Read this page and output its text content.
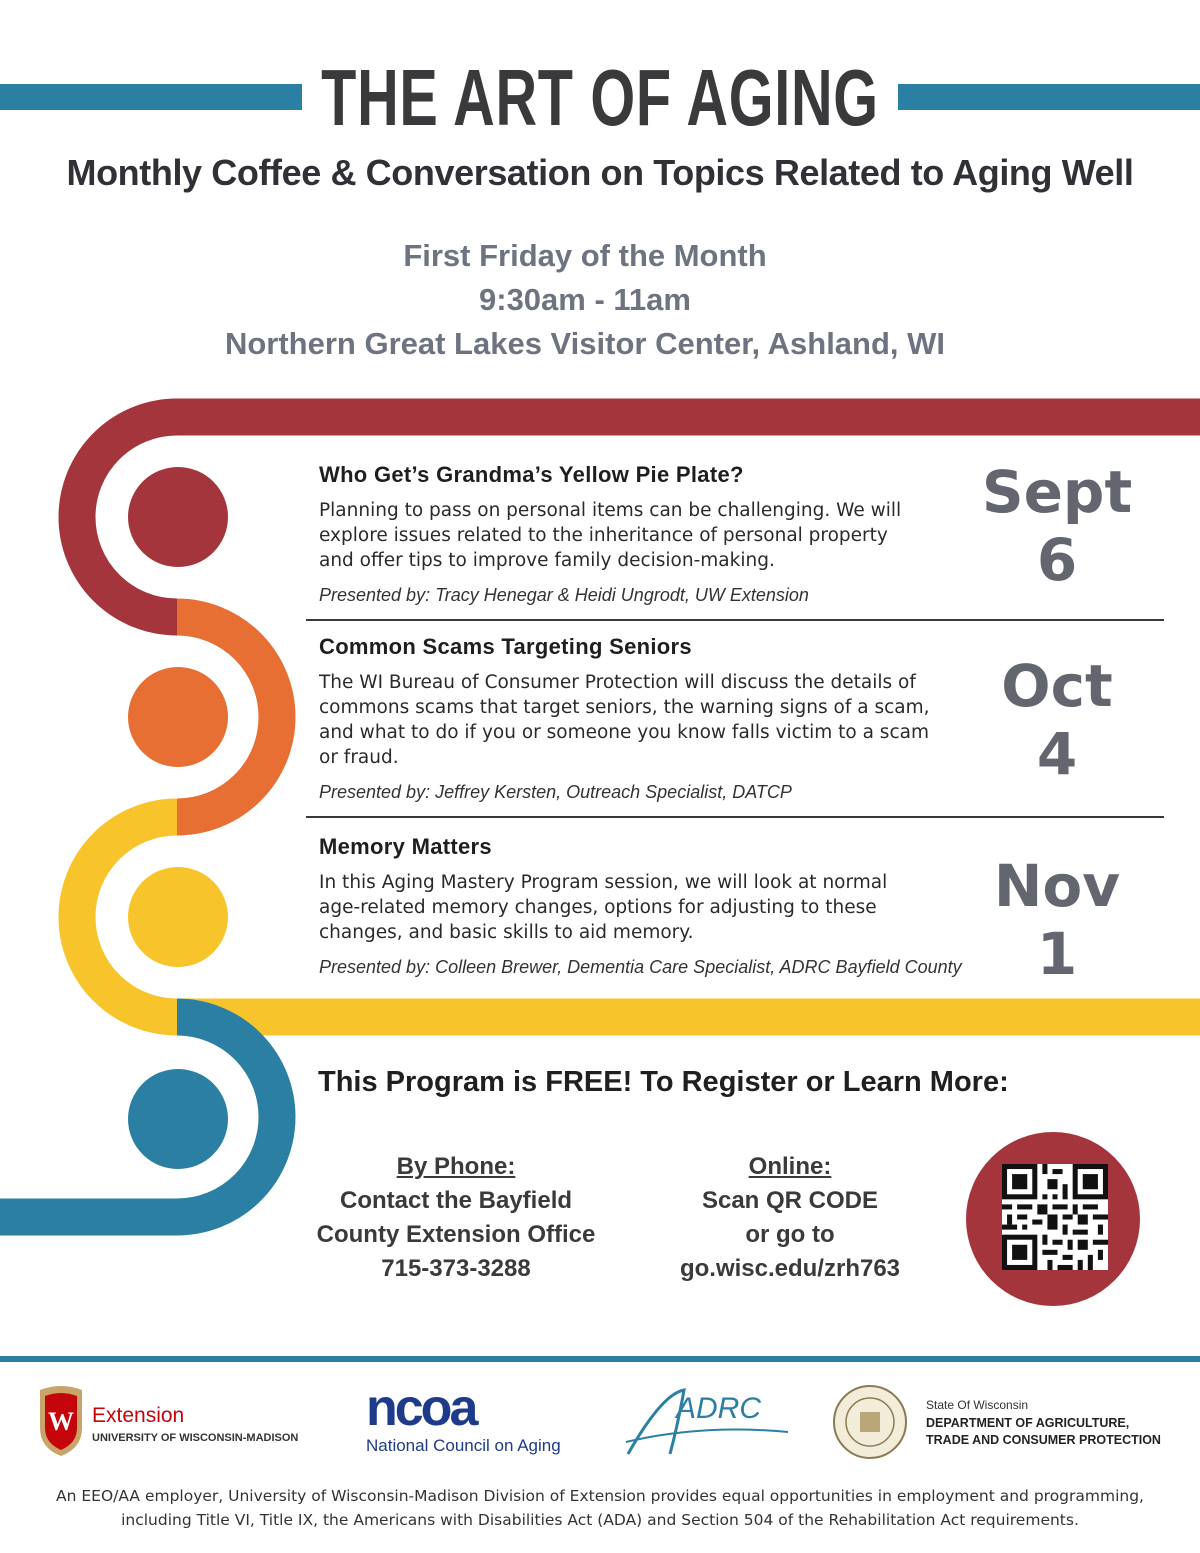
THE ART OF AGING
Monthly Coffee & Conversation on Topics Related to Aging Well
First Friday of the Month
9:30am - 11am
Northern Great Lakes Visitor Center, Ashland, WI

Who Get’s Grandma’s Yellow Pie Plate?

Planning to pass on personal items can be challenging. We will explore issues related to the inheritance of personal property and offer tips to improve family decision-making.

Presented by: Tracy Henegar & Heidi Ungrodt, UW Extension

Sept
6

Common Scams Targeting Seniors

The WI Bureau of Consumer Protection will discuss the details of commons scams that target seniors, the warning signs of a scam, and what to do if you or someone you know falls victim to a scam or fraud.

Presented by: Jeffrey Kersten, Outreach Specialist, DATCP

Oct
4

Memory Matters

In this Aging Mastery Program session, we will look at normal age-related memory changes, options for adjusting to these changes, and basic skills to aid memory.

Presented by: Colleen Brewer, Dementia Care Specialist, ADRC Bayfield County

Nov
1
This Program is FREE! To Register or Learn More:
By Phone:
Contact the Bayfield
County Extension Office
715-373-3288
Online:
Scan QR CODE
or go to
go.wisc.edu/zrh763
W Extension
UNIVERSITY OF WISCONSIN-MADISON
ncoa
National Council on Aging
ADRC	State Of Wisconsin
DEPARTMENT OF AGRICULTURE,
TRADE AND CONSUMER PROTECTION
An EEO/AA employer, University of Wisconsin-Madison Division of Extension provides equal opportunities in employment and programming, including Title VI, Title IX, the Americans with Disabilities Act (ADA) and Section 504 of the Rehabilitation Act requirements.
